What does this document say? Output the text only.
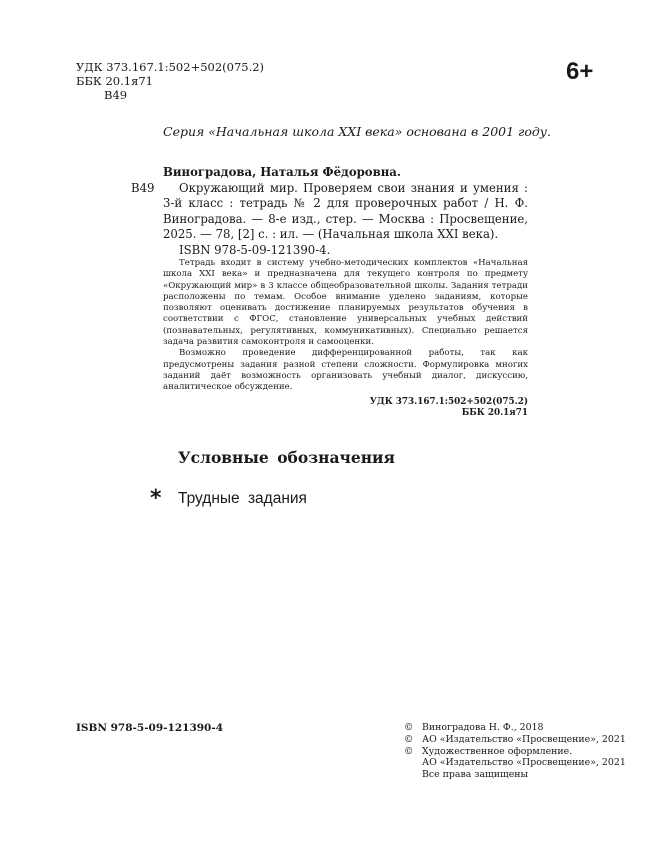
УДК 373.167.1:502+502(075.2)
ББК 20.1я71
В49
6+
Серия «Начальная школа XXI века» основана в 2001 году.
Виноградова, Наталья Фёдоровна.
В49	Окружающий мир. Проверяем свои знания и умения : 3-й класс : тетрадь № 2 для проверочных работ / Н. Ф. Виноградова. — 8-е изд., стер. — Москва : Просвещение, 2025. — 78, [2] с. : ил. — (Начальная школа XXI века).
ISBN 978-5-09-121390-4.

Тетрадь входит в систему учебно-методических комплектов «Начальная школа XXI века» и предназначена для текущего контроля по предмету «Окружающий мир» в 3 классе общеобразовательной школы. Задания тетради расположены по темам. Особое внимание уделено заданиям, которые позволяют оценивать достижение планируемых результатов обучения в соответствии с ФГОС, становление универсальных учебных действий (познавательных, регулятивных, коммуникативных). Специально решается задача развития самоконтроля и самооценки.

Возможно проведение дифференцированной работы, так как предусмотрены задания разной степени сложности. Формулировка многих заданий даёт возможность организовать учебный диалог, дискуссию, аналитическое обсуждение.

УДК 373.167.1:502+502(075.2)
ББК 20.1я71
Условные обозначения
*	Трудные задания
ISBN 978-5-09-121390-4	© Виноградова Н. Ф., 2018
© АО «Издательство «Просвещение», 2021
© Художественное оформление.
АО «Издательство «Просвещение», 2021
Все права защищены
